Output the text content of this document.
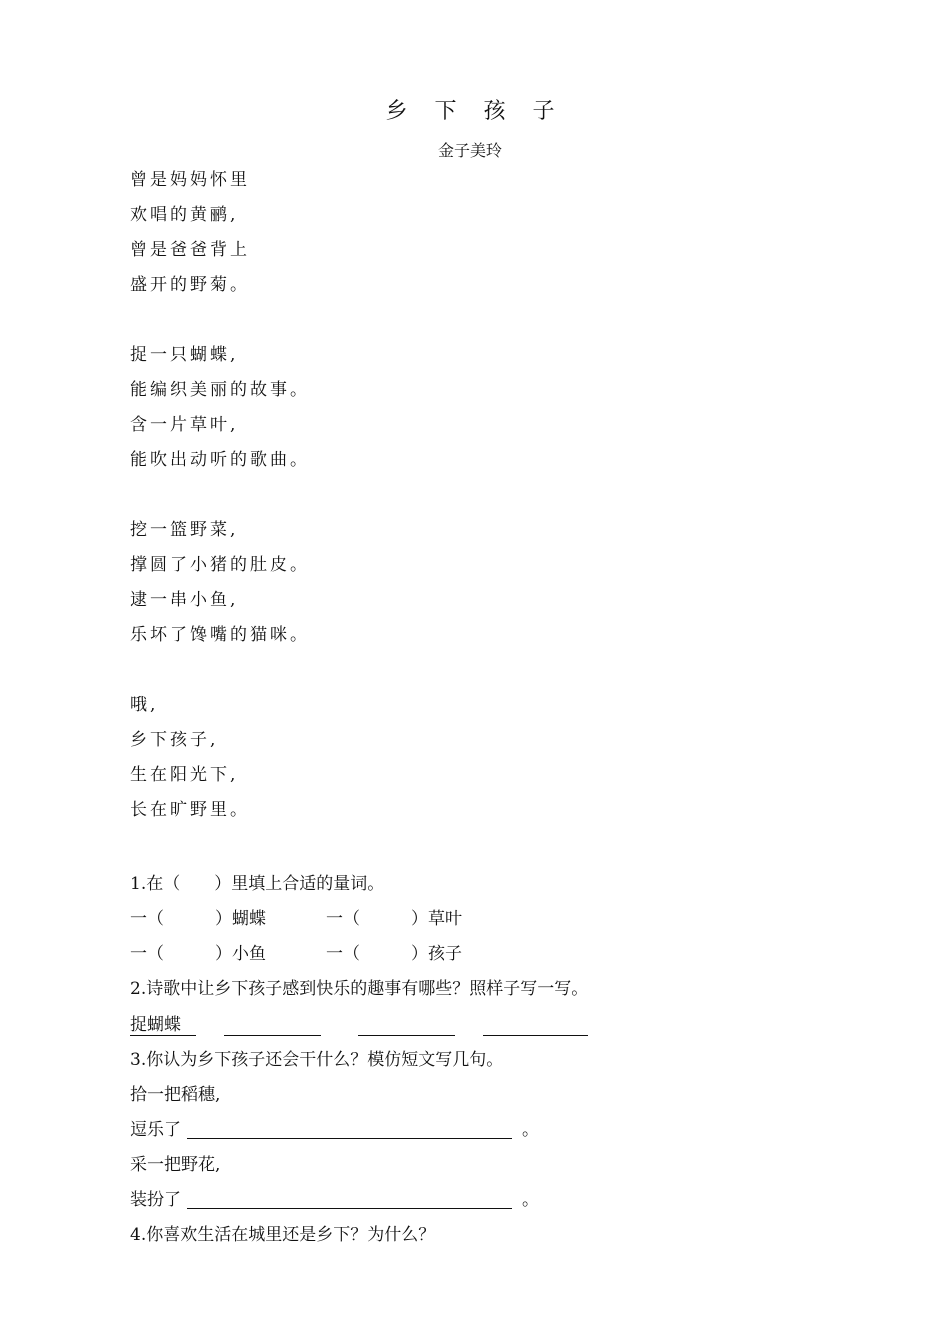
乡 下 孩 子
金子美玲
曾是妈妈怀里
欢唱的黄鹂,
曾是爸爸背上
盛开的野菊。
捉一只蝴蝶,
能编织美丽的故事。
含一片草叶,
能吹出动听的歌曲。
挖一篮野菜,
撑圆了小猪的肚皮。
逮一串小鱼,
乐坏了馋嘴的猫咪。
哦,
乡下孩子,
生在阳光下,
长在旷野里。
1.在（　　）里填上合适的量词。
一（　　　）蝴蝶	一（　　　）草叶
一（　　　）小鱼	一（　　　）孩子
2.诗歌中让乡下孩子感到快乐的趣事有哪些？照样子写一写。
捉蝴蝶
3.你认为乡下孩子还会干什么？模仿短文写几句。
拾一把稻穗,
逗乐了	。
采一把野花,
装扮了	。
4.你喜欢生活在城里还是乡下？为什么？
